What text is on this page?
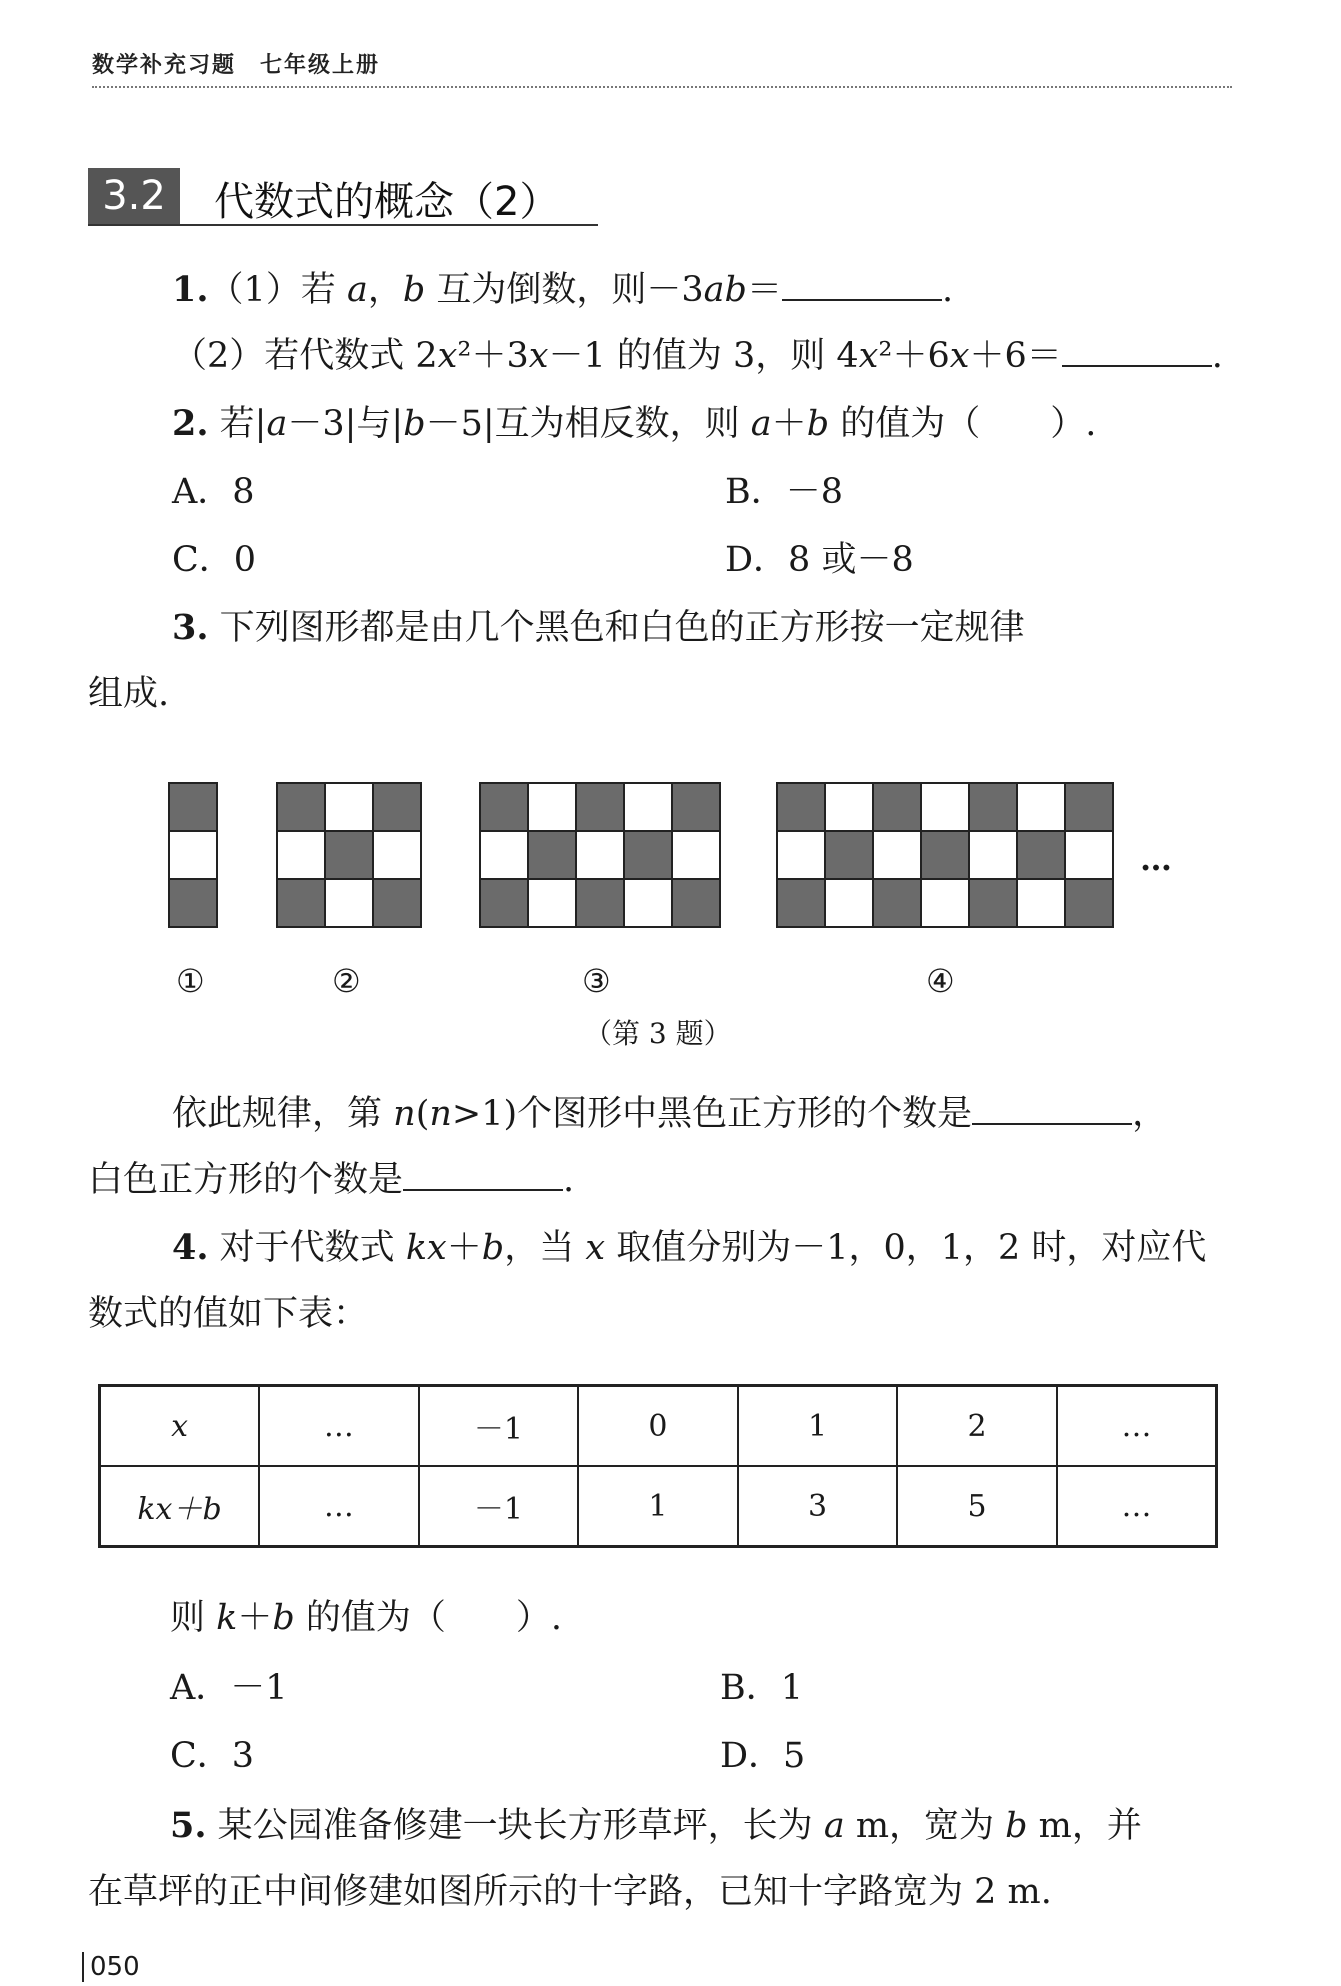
数学补充习题　七年级上册
3.2	代数式的概念（2）
1.（1）若 a，b 互为倒数，则－3ab＝	.
（2）若代数式 2x²＋3x－1 的值为 3，则 4x²＋6x＋6＝	.
2. 若|a－3|与|b－5|互为相反数，则 a＋b 的值为（　　）.
A．8	B．－8
C．0	D．8 或－8
3. 下列图形都是由几个黑色和白色的正方形按一定规律
组成.

…
①	②	③	④
（第 3 题）
依此规律，第 n(n>1)个图形中黑色正方形的个数是	，
白色正方形的个数是	.
4. 对于代数式 kx＋b，当 x 取值分别为－1，0，1，2 时，对应代
数式的值如下表：
x	…	－1	0	1	2	…
kx＋b	…	－1	1	3	5	…
则 k＋b 的值为（　　）.
A．－1	B．1
C．3	D．5
5. 某公园准备修建一块长方形草坪，长为 a m，宽为 b m，并
在草坪的正中间修建如图所示的十字路，已知十字路宽为 2 m.
050
